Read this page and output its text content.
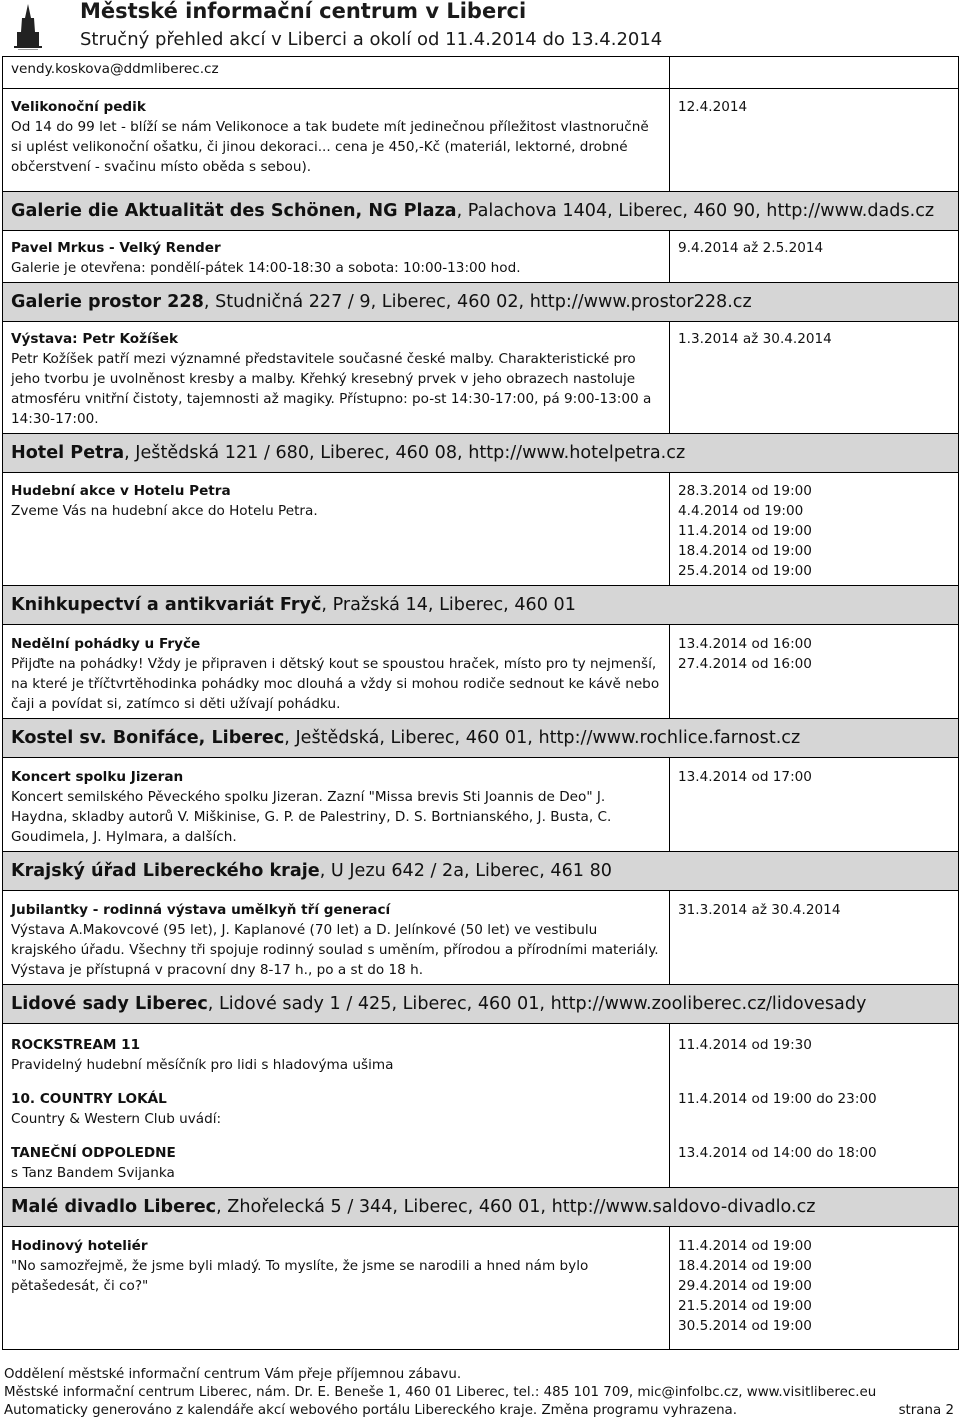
Městské informační centrum v Liberci
Stručný přehled akcí v Liberci a okolí od 11.4.2014 do 13.4.2014
vendy.koskova@ddmliberec.cz
Velikonoční pedik
Od 14 do 99 let - blíží se nám Velikonoce a tak budete mít jedinečnou příležitost vlastnoručně si uplést velikonoční ošatku, či jinou dekoraci... cena je 450,-Kč (materiál, lektorné, drobné občerstvení - svačinu místo oběda s sebou).
12.4.2014
Galerie die Aktualität des Schönen, NG Plaza, Palachova 1404, Liberec, 460 90, http://www.dads.cz
Pavel Mrkus - Velký Render
Galerie je otevřena: pondělí-pátek 14:00-18:30 a sobota: 10:00-13:00 hod.
9.4.2014 až 2.5.2014
Galerie prostor 228, Studničná 227 / 9, Liberec, 460 02, http://www.prostor228.cz
Výstava: Petr Kožíšek
Petr Kožíšek patří mezi významné představitele současné české malby. Charakteristické pro jeho tvorbu je uvolněnost kresby a malby. Křehký kresebný prvek v jeho obrazech nastoluje atmosféru vnitřní čistoty, tajemnosti až magiky. Přístupno: po-st 14:30-17:00, pá 9:00-13:00 a 14:30-17:00.
1.3.2014 až 30.4.2014
Hotel Petra, Ještědská 121 / 680, Liberec, 460 08, http://www.hotelpetra.cz
Hudební akce v Hotelu Petra
Zveme Vás na hudební akce do Hotelu Petra.
28.3.2014 od 19:00
4.4.2014 od 19:00
11.4.2014 od 19:00
18.4.2014 od 19:00
25.4.2014 od 19:00
Knihkupectví a antikvariát Fryč, Pražská 14, Liberec, 460 01
Nedělní pohádky u Fryče
Přijďte na pohádky! Vždy je připraven i dětský kout se spoustou hraček, místo pro ty nejmenší, na které je tříčtvrtěhodinka pohádky moc dlouhá a vždy si mohou rodiče sednout ke kávě nebo čaji a povídat si, zatímco si děti užívají pohádku.
13.4.2014 od 16:00
27.4.2014 od 16:00
Kostel sv. Bonifáce, Liberec, Ještědská, Liberec, 460 01, http://www.rochlice.farnost.cz
Koncert spolku Jizeran
Koncert semilského Pěveckého spolku Jizeran. Zazní "Missa brevis Sti Joannis de Deo" J. Haydna, skladby autorů V. Miškinise, G. P. de Palestriny, D. S. Bortnianského, J. Busta, C. Goudimela, J. Hylmara, a dalších.
13.4.2014 od 17:00
Krajský úřad Libereckého kraje, U Jezu 642 / 2a, Liberec, 461 80
Jubilantky - rodinná výstava umělkyň tří generací
Výstava A.Makovcové (95 let), J. Kaplanové (70 let) a D. Jelínkové (50 let) ve vestibulu krajského úřadu. Všechny tři spojuje rodinný soulad s uměním, přírodou a přírodními materiály. Výstava je přístupná v pracovní dny 8-17 h., po a st do 18 h.
31.3.2014 až 30.4.2014
Lidové sady Liberec, Lidové sady 1 / 425, Liberec, 460 01, http://www.zooliberec.cz/lidovesady
ROCKSTREAM 11
Pravidelný hudební měsíčník pro lidi s hladovýma ušima
10. COUNTRY LOKÁL
Country & Western Club uvádí:
TANEČNÍ ODPOLEDNE
s Tanz Bandem Svijanka
11.4.2014 od 19:30
11.4.2014 od 19:00 do 23:00
13.4.2014 od 14:00 do 18:00
Malé divadlo Liberec, Zhořelecká 5 / 344, Liberec, 460 01, http://www.saldovo-divadlo.cz
Hodinový hoteliér
"No samozřejmě, že jsme byli mladý. To myslíte, že jsme se narodili a hned nám bylo pětašedesát, či co?"
11.4.2014 od 19:00
18.4.2014 od 19:00
29.4.2014 od 19:00
21.5.2014 od 19:00
30.5.2014 od 19:00
Oddělení městské informační centrum Vám přeje příjemnou zábavu.
Městské informační centrum Liberec, nám. Dr. E. Beneše 1, 460 01 Liberec, tel.: 485 101 709, mic@infolbc.cz, www.visitliberec.eu
Automaticky generováno z kalendáře akcí webového portálu Libereckého kraje. Změna programu vyhrazena.	strana 2
